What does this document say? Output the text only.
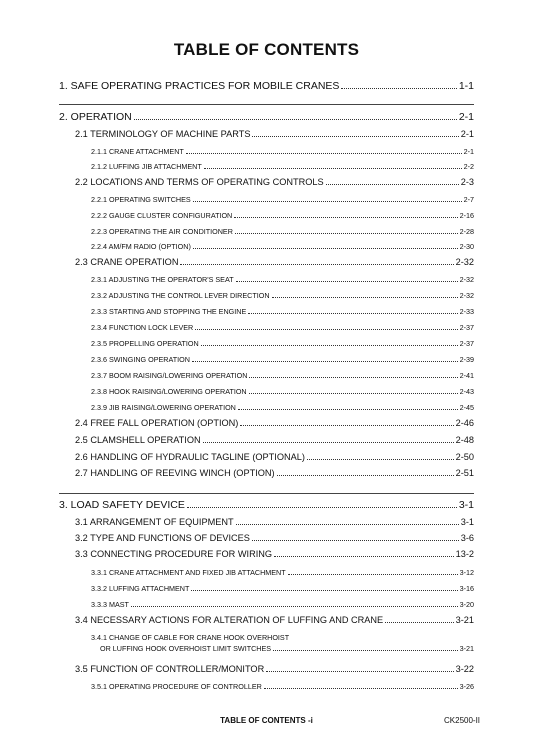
TABLE OF CONTENTS
1. SAFE OPERATING PRACTICES FOR MOBILE CRANES	1-1
2. OPERATION	2-1
2.1 TERMINOLOGY OF MACHINE PARTS	2-1
2.1.1 CRANE ATTACHMENT	2-1
2.1.2 LUFFING JIB ATTACHMENT	2-2
2.2 LOCATIONS AND TERMS OF OPERATING CONTROLS	2-3
2.2.1 OPERATING SWITCHES	2-7
2.2.2 GAUGE CLUSTER CONFIGURATION	2-16
2.2.3 OPERATING THE AIR CONDITIONER	2-28
2.2.4 AM/FM RADIO (OPTION)	2-30
2.3 CRANE OPERATION	2-32
2.3.1 ADJUSTING THE OPERATOR'S SEAT	2-32
2.3.2 ADJUSTING THE CONTROL LEVER DIRECTION	2-32
2.3.3 STARTING AND STOPPING THE ENGINE	2-33
2.3.4 FUNCTION LOCK LEVER	2-37
2.3.5 PROPELLING OPERATION	2-37
2.3.6 SWINGING OPERATION	2-39
2.3.7 BOOM RAISING/LOWERING OPERATION	2-41
2.3.8 HOOK RAISING/LOWERING OPERATION	2-43
2.3.9 JIB RAISING/LOWERING OPERATION	2-45
2.4 FREE FALL OPERATION (OPTION)	2-46
2.5 CLAMSHELL OPERATION	2-48
2.6 HANDLING OF HYDRAULIC TAGLINE (OPTIONAL)	2-50
2.7 HANDLING OF REEVING WINCH (OPTION)	2-51
3. LOAD SAFETY DEVICE	3-1
3.1 ARRANGEMENT OF EQUIPMENT	3-1
3.2 TYPE AND FUNCTIONS OF DEVICES	3-6
3.3 CONNECTING PROCEDURE FOR WIRING	13-2
3.3.1 CRANE ATTACHMENT AND FIXED JIB ATTACHMENT	3-12
3.3.2 LUFFING ATTACHMENT	3-16
3.3.3 MAST	3-20
3.4 NECESSARY ACTIONS FOR ALTERATION OF LUFFING AND CRANE	3-21
3.4.1 CHANGE OF CABLE FOR CRANE HOOK OVERHOIST
OR LUFFING HOOK OVERHOIST LIMIT SWITCHES	3-21
3.5 FUNCTION OF CONTROLLER/MONITOR	3-22
3.5.1 OPERATING PROCEDURE OF CONTROLLER	3-26
TABLE OF CONTENTS -i	CK2500-II
